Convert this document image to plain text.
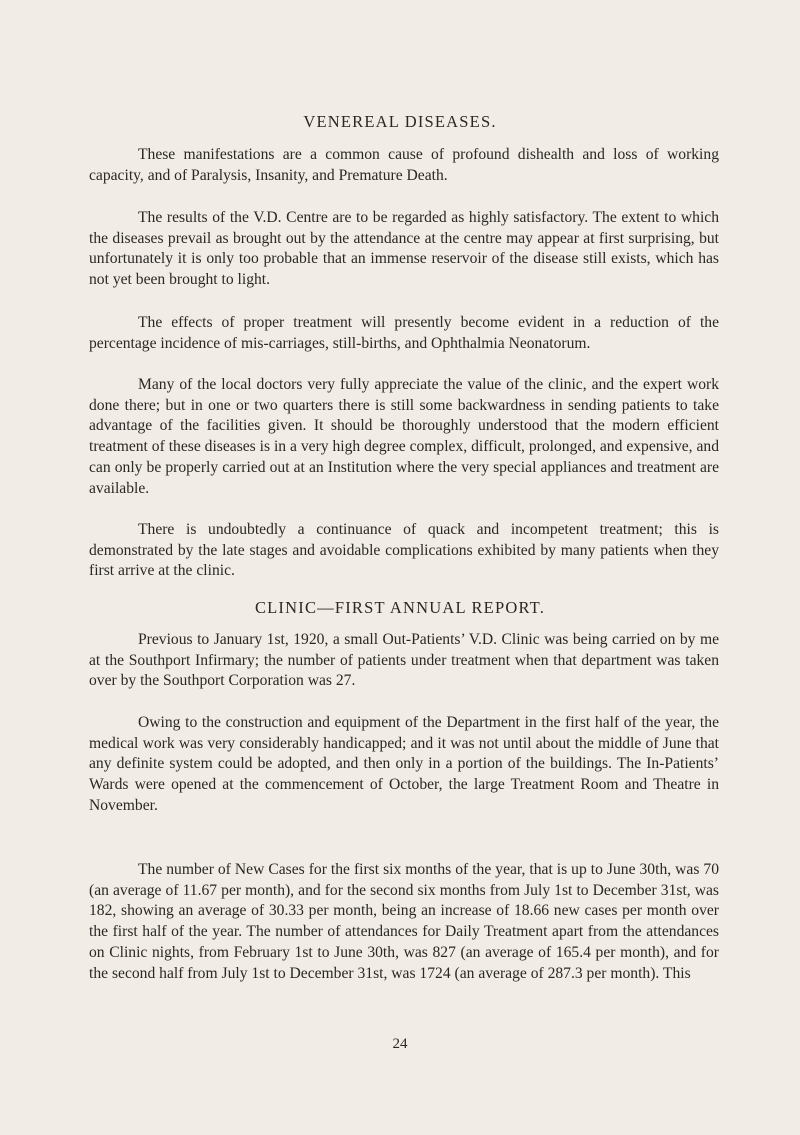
VENEREAL DISEASES.

These manifestations are a common cause of profound dishealth and loss of working capacity, and of Paralysis, Insanity, and Premature Death.

The results of the V.D. Centre are to be regarded as highly satisfactory. The extent to which the diseases prevail as brought out by the attendance at the centre may appear at first surprising, but unfortunately it is only too probable that an immense reservoir of the disease still exists, which has not yet been brought to light.

The effects of proper treatment will presently become evident in a reduction of the percentage incidence of mis-carriages, still-births, and Ophthalmia Neonatorum.

Many of the local doctors very fully appreciate the value of the clinic, and the expert work done there; but in one or two quarters there is still some backwardness in sending patients to take advantage of the facilities given. It should be thoroughly understood that the modern efficient treatment of these diseases is in a very high degree complex, difficult, prolonged, and expensive, and can only be properly carried out at an Institution where the very special appliances and treatment are available.

There is undoubtedly a continuance of quack and incompetent treatment; this is demonstrated by the late stages and avoidable complications exhibited by many patients when they first arrive at the clinic.

CLINIC—FIRST ANNUAL REPORT.

Previous to January 1st, 1920, a small Out-Patients’ V.D. Clinic was being carried on by me at the Southport Infirmary; the number of patients under treatment when that department was taken over by the Southport Corporation was 27.

Owing to the construction and equipment of the Department in the first half of the year, the medical work was very considerably handicapped; and it was not until about the middle of June that any definite system could be adopted, and then only in a portion of the buildings. The In-Patients’ Wards were opened at the commencement of October, the large Treatment Room and Theatre in November.

The number of New Cases for the first six months of the year, that is up to June 30th, was 70 (an average of 11.67 per month), and for the second six months from July 1st to December 31st, was 182, showing an average of 30.33 per month, being an increase of 18.66 new cases per month over the first half of the year. The number of attendances for Daily Treatment apart from the attendances on Clinic nights, from February 1st to June 30th, was 827 (an average of 165.4 per month), and for the second half from July 1st to December 31st, was 1724 (an average of 287.3 per month). This

24
